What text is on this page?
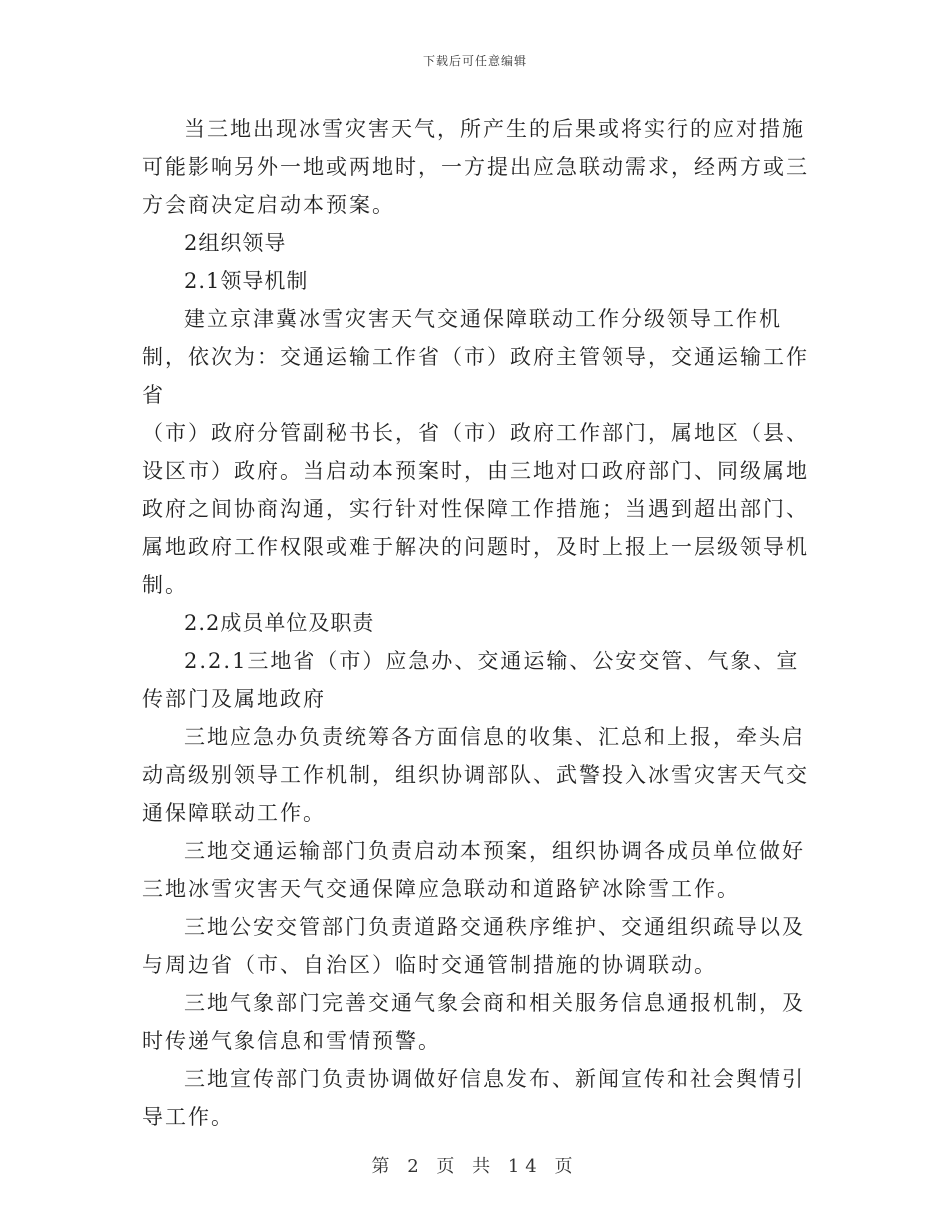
下载后可任意编辑

当三地出现冰雪灾害天气，所产生的后果或将实行的应对措施可能影响另外一地或两地时，一方提出应急联动需求，经两方或三方会商决定启动本预案。

2组织领导

2.1领导机制

建立京津冀冰雪灾害天气交通保障联动工作分级领导工作机制，依次为：交通运输工作省（市）政府主管领导，交通运输工作省
（市）政府分管副秘书长，省（市）政府工作部门，属地区（县、设区市）政府。当启动本预案时，由三地对口政府部门、同级属地政府之间协商沟通，实行针对性保障工作措施；当遇到超出部门、属地政府工作权限或难于解决的问题时，及时上报上一层级领导机制。

2.2成员单位及职责

2.2.1三地省（市）应急办、交通运输、公安交管、气象、宣传部门及属地政府

三地应急办负责统筹各方面信息的收集、汇总和上报，牵头启动高级别领导工作机制，组织协调部队、武警投入冰雪灾害天气交通保障联动工作。

三地交通运输部门负责启动本预案，组织协调各成员单位做好三地冰雪灾害天气交通保障应急联动和道路铲冰除雪工作。

三地公安交管部门负责道路交通秩序维护、交通组织疏导以及与周边省（市、自治区）临时交通管制措施的协调联动。

三地气象部门完善交通气象会商和相关服务信息通报机制，及时传递气象信息和雪情预警。

三地宣传部门负责协调做好信息发布、新闻宣传和社会舆情引导工作。

第 2 页 共 14 页
